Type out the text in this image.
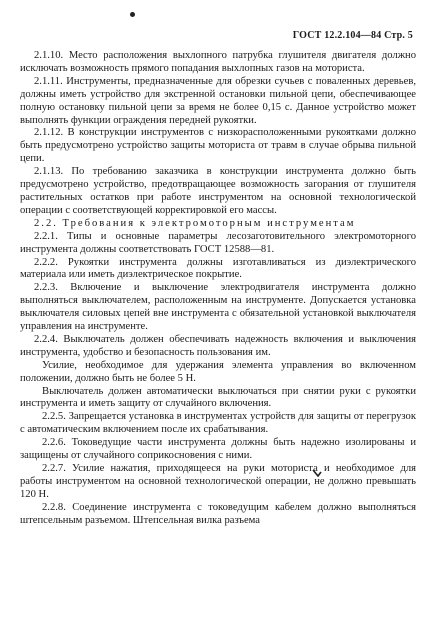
ГОСТ 12.2.104—84 Стр. 5

2.1.10. Место расположения выхлопного патрубка глушителя двигателя должно исключать возможность прямого попадания выхлопных газов на моториста.

2.1.11. Инструменты, предназначенные для обрезки сучьев с поваленных деревьев, должны иметь устройство для экстренной остановки пильной цепи, обеспечивающее полную остановку пильной цепи за время не более 0,15 с. Данное устройство может выполнять функции ограждения передней рукоятки.

2.1.12. В конструкции инструментов с низкорасположенными рукоятками должно быть предусмотрено устройство защиты моториста от травм в случае обрыва пильной цепи.

2.1.13. По требованию заказчика в конструкции инструмента должно быть предусмотрено устройство, предотвращающее возможность загорания от глушителя растительных остатков при работе инструментом на основной технологической операции с соответствующей корректировкой его массы.

2.2. Требования к электромоторным инструментам

2.2.1. Типы и основные параметры лесозаготовительного электромоторного инструмента должны соответствовать ГОСТ 12588—81.

2.2.2. Рукоятки инструмента должны изготавливаться из диэлектрического материала или иметь диэлектрическое покрытие.

2.2.3. Включение и выключение электродвигателя инструмента должно выполняться выключателем, расположенным на инструменте. Допускается установка выключателя силовых цепей вне инструмента с обязательной установкой выключателя управления на инструменте.

2.2.4. Выключатель должен обеспечивать надежность включения и выключения инструмента, удобство и безопасность пользования им.

Усилие, необходимое для удержания элемента управления во включенном положении, должно быть не более 5 Н.

Выключатель должен автоматически выключаться при снятии руки с рукоятки инструмента и иметь защиту от случайного включения.

2.2.5. Запрещается установка в инструментах устройств для защиты от перегрузок с автоматическим включением после их срабатывания.

2.2.6. Токоведущие части инструмента должны быть надежно изолированы и защищены от случайного соприкосновения с ними.

2.2.7. Усилие нажатия, приходящееся на руки моториста и необходимое для работы инструментом на основной технологической операции, не должно превышать 120 Н.

2.2.8. Соединение инструмента с токоведущим кабелем должно выполняться штепсельным разъемом. Штепсельная вилка разъема
